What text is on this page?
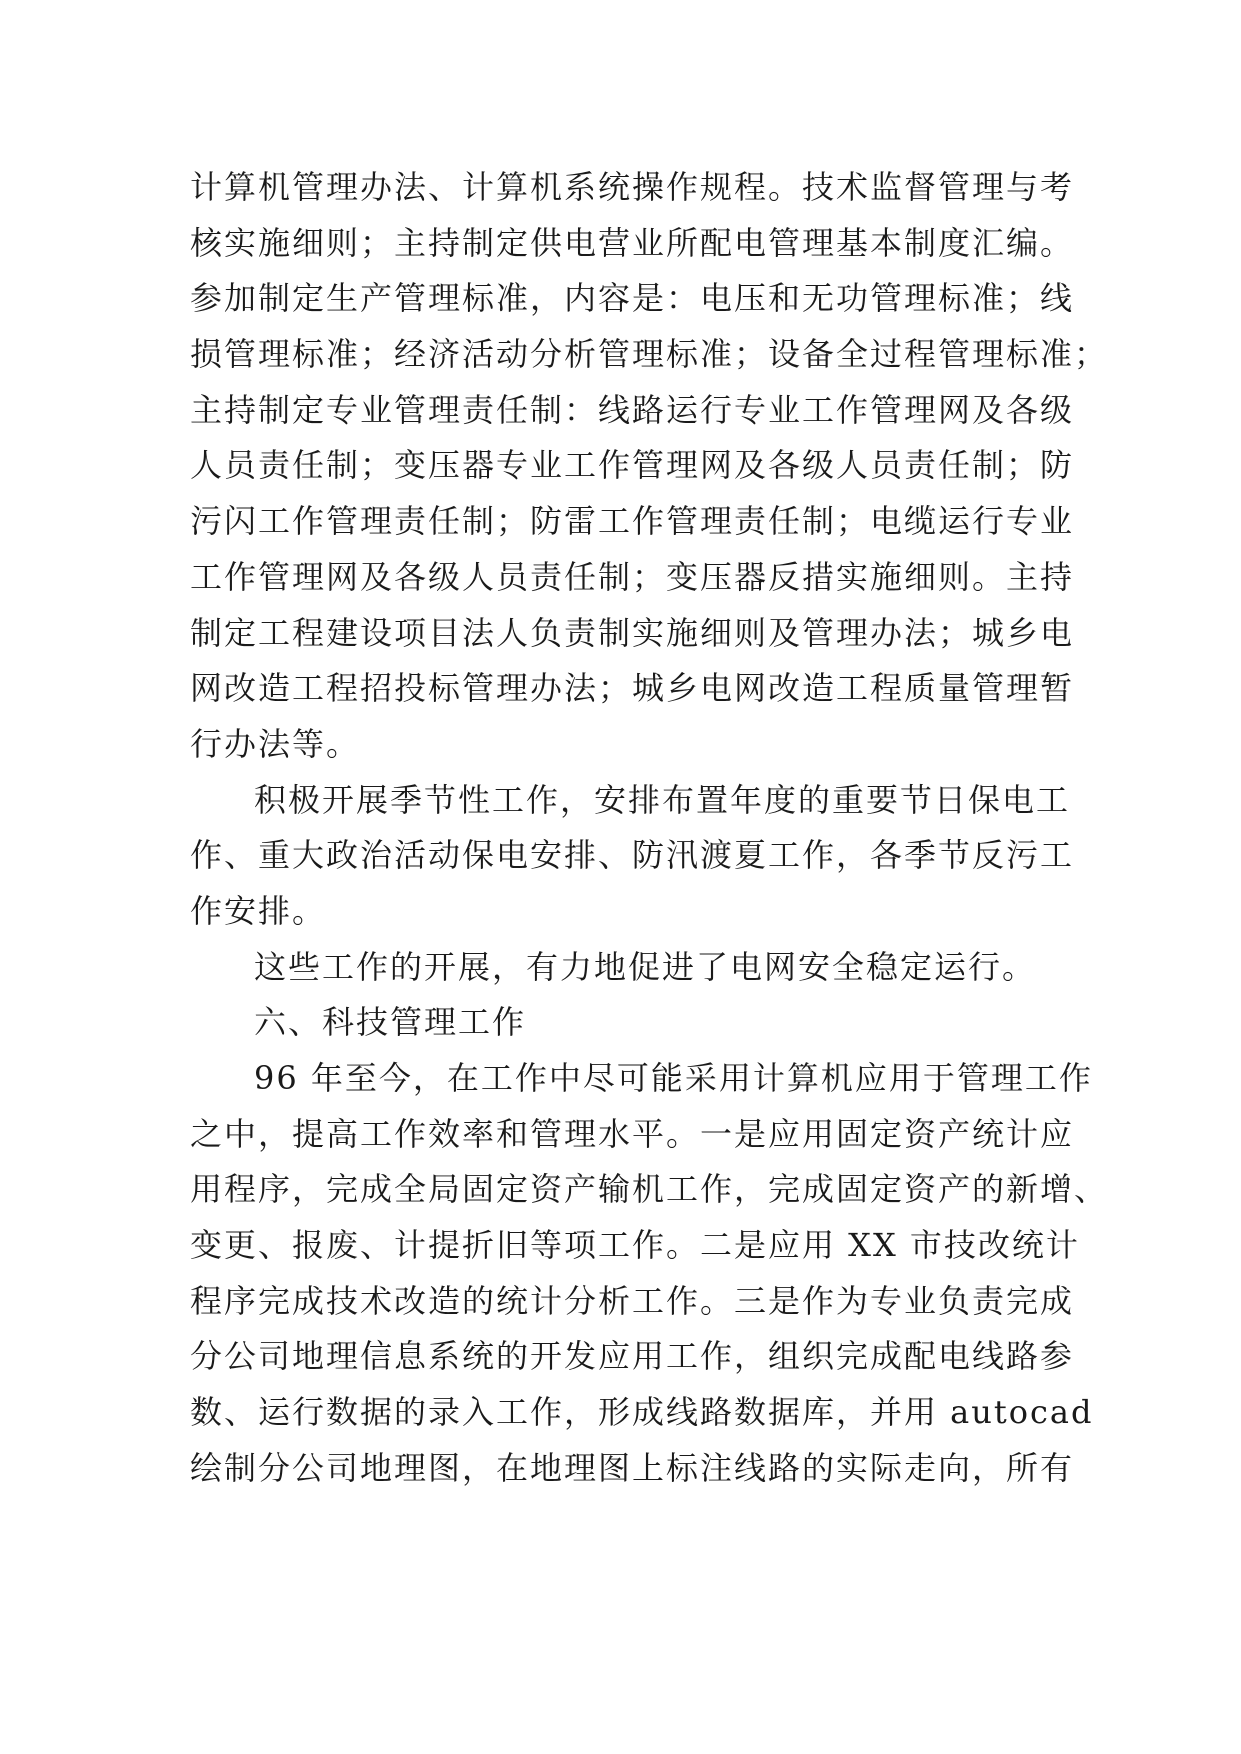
计算机管理办法、计算机系统操作规程。技术监督管理与考
核实施细则；主持制定供电营业所配电管理基本制度汇编。
参加制定生产管理标准，内容是：电压和无功管理标准；线
损管理标准；经济活动分析管理标准；设备全过程管理标准；
主持制定专业管理责任制：线路运行专业工作管理网及各级
人员责任制；变压器专业工作管理网及各级人员责任制；防
污闪工作管理责任制；防雷工作管理责任制；电缆运行专业
工作管理网及各级人员责任制；变压器反措实施细则。主持
制定工程建设项目法人负责制实施细则及管理办法；城乡电
网改造工程招投标管理办法；城乡电网改造工程质量管理暂
行办法等。
积极开展季节性工作，安排布置年度的重要节日保电工
作、重大政治活动保电安排、防汛渡夏工作，各季节反污工
作安排。
这些工作的开展，有力地促进了电网安全稳定运行。
六、科技管理工作
96 年至今，在工作中尽可能采用计算机应用于管理工作
之中，提高工作效率和管理水平。一是应用固定资产统计应
用程序，完成全局固定资产输机工作，完成固定资产的新增、
变更、报废、计提折旧等项工作。二是应用 XX 市技改统计
程序完成技术改造的统计分析工作。三是作为专业负责完成
分公司地理信息系统的开发应用工作，组织完成配电线路参
数、运行数据的录入工作，形成线路数据库，并用 autocad
绘制分公司地理图，在地理图上标注线路的实际走向，所有
